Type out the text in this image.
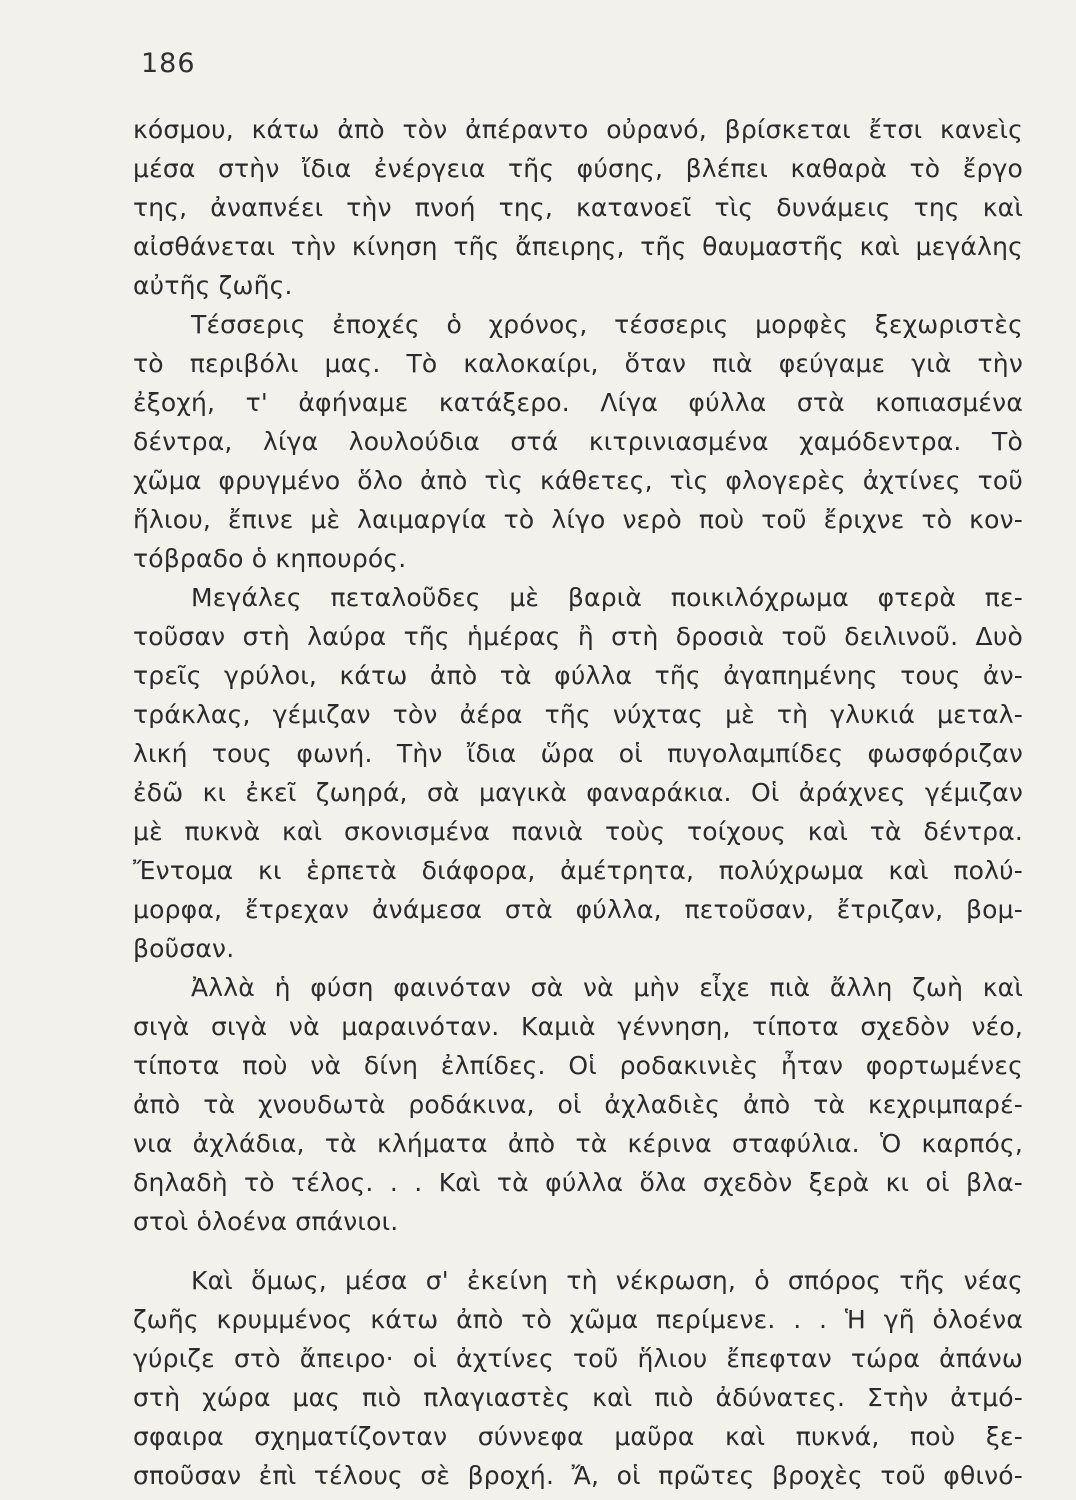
186
κόσμου, κάτω ἀπὸ τὸν ἀπέραντο οὐρανό, βρίσκεται ἔτσι κανεὶς
μέσα στὴν ἴδια ἐνέργεια τῆς φύσης, βλέπει καθαρὰ τὸ ἔργο
της, ἀναπνέει τὴν πνοή της, κατανοεῖ τὶς δυνάμεις της καὶ
αἰσθάνεται τὴν κίνηση τῆς ἄπειρης, τῆς θαυμαστῆς καὶ μεγάλης
αὐτῆς ζωῆς.
Τέσσερις ἐποχές ὁ χρόνος, τέσσερις μορφὲς ξεχωριστὲς
τὸ περιβόλι μας. Τὸ καλοκαίρι, ὅταν πιὰ φεύγαμε γιὰ τὴν
ἐξοχή, τ' ἀφήναμε κατάξερο. Λίγα φύλλα στὰ κοπιασμένα
δέντρα, λίγα λουλούδια στά κιτρινιασμένα χαμόδεντρα. Τὸ
χῶμα φρυγμένο ὅλο ἀπὸ τὶς κάθετες, τὶς φλογερὲς ἀχτίνες τοῦ
ἥλιου, ἔπινε μὲ λαιμαργία τὸ λίγο νερὸ ποὺ τοῦ ἔριχνε τὸ κον-
τόβραδο ὁ κηπουρός.
Μεγάλες πεταλοῦδες μὲ βαριὰ ποικιλόχρωμα φτερὰ πε-
τοῦσαν στὴ λαύρα τῆς ἡμέρας ἢ στὴ δροσιὰ τοῦ δειλινοῦ. Δυὸ
τρεῖς γρύλοι, κάτω ἀπὸ τὰ φύλλα τῆς ἀγαπημένης τους ἀν-
τράκλας, γέμιζαν τὸν ἀέρα τῆς νύχτας μὲ τὴ γλυκιά μεταλ-
λική τους φωνή. Τὴν ἴδια ὥρα οἱ πυγολαμπίδες φωσφόριζαν
ἐδῶ κι ἐκεῖ ζωηρά, σὰ μαγικὰ φαναράκια. Οἱ ἀράχνες γέμιζαν
μὲ πυκνὰ καὶ σκονισμένα πανιὰ τοὺς τοίχους καὶ τὰ δέντρα.
Ἔντομα κι ἑρπετὰ διάφορα, ἀμέτρητα, πολύχρωμα καὶ πολύ-
μορφα, ἔτρεχαν ἀνάμεσα στὰ φύλλα, πετοῦσαν, ἔτριζαν, βομ-
βοῦσαν.
Ἀλλὰ ἡ φύση φαινόταν σὰ νὰ μὴν εἶχε πιὰ ἄλλη ζωὴ καὶ
σιγὰ σιγὰ νὰ μαραινόταν. Καμιὰ γέννηση, τίποτα σχεδὸν νέο,
τίποτα ποὺ νὰ δίνη ἐλπίδες. Οἱ ροδακινιὲς ἦταν φορτωμένες
ἀπὸ τὰ χνουδωτὰ ροδάκινα, οἱ ἀχλαδιὲς ἀπὸ τὰ κεχριμπαρέ-
νια ἀχλάδια, τὰ κλήματα ἀπὸ τὰ κέρινα σταφύλια. Ὁ καρπός,
δηλαδὴ τὸ τέλος. . . Καὶ τὰ φύλλα ὅλα σχεδὸν ξερὰ κι οἱ βλα-
στοὶ ὁλοένα σπάνιοι.
Καὶ ὅμως, μέσα σ' ἐκείνη τὴ νέκρωση, ὁ σπόρος τῆς νέας
ζωῆς κρυμμένος κάτω ἀπὸ τὸ χῶμα περίμενε. . . Ἡ γῆ ὁλοένα
γύριζε στὸ ἄπειρο· οἱ ἀχτίνες τοῦ ἥλιου ἔπεφταν τώρα ἀπάνω
στὴ χώρα μας πιὸ πλαγιαστὲς καὶ πιὸ ἀδύνατες. Στὴν ἀτμό-
σφαιρα σχηματίζονταν σύννεφα μαῦρα καὶ πυκνά, ποὺ ξε-
σποῦσαν ἐπὶ τέλους σὲ βροχή. Ἄ, οἱ πρῶτες βροχὲς τοῦ φθινό-
